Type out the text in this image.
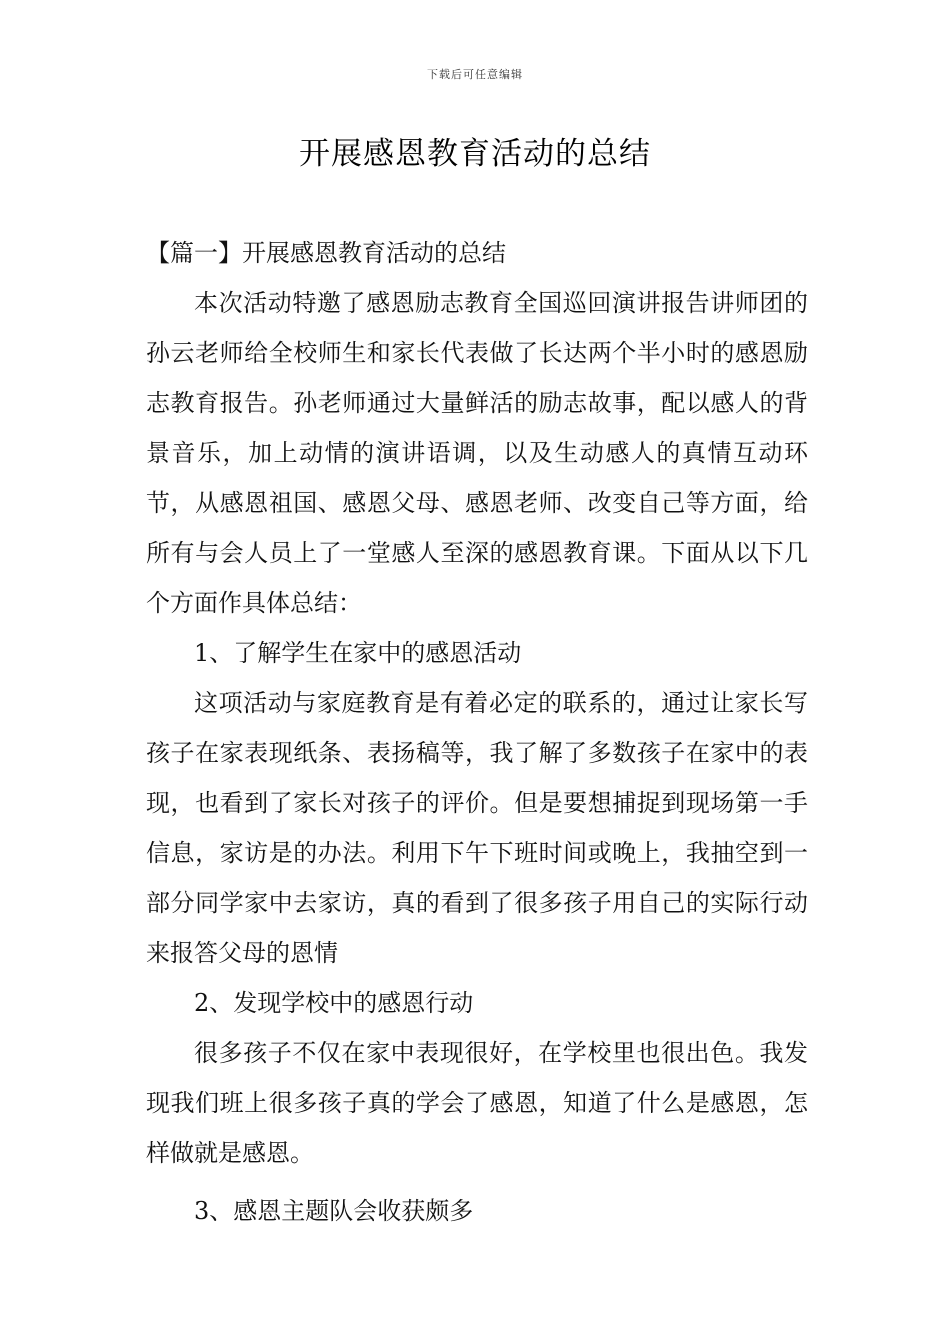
下载后可任意编辑
开展感恩教育活动的总结

【篇一】开展感恩教育活动的总结

本次活动特邀了感恩励志教育全国巡回演讲报告讲师团的孙云老师给全校师生和家长代表做了长达两个半小时的感恩励志教育报告。孙老师通过大量鲜活的励志故事，配以感人的背景音乐，加上动情的演讲语调，以及生动感人的真情互动环节，从感恩祖国、感恩父母、感恩老师、改变自己等方面，给所有与会人员上了一堂感人至深的感恩教育课。下面从以下几个方面作具体总结：

1、了解学生在家中的感恩活动

这项活动与家庭教育是有着必定的联系的，通过让家长写孩子在家表现纸条、表扬稿等，我了解了多数孩子在家中的表现，也看到了家长对孩子的评价。但是要想捕捉到现场第一手信息，家访是的办法。利用下午下班时间或晚上，我抽空到一部分同学家中去家访，真的看到了很多孩子用自己的实际行动来报答父母的恩情

2、发现学校中的感恩行动

很多孩子不仅在家中表现很好，在学校里也很出色。我发现我们班上很多孩子真的学会了感恩，知道了什么是感恩，怎样做就是感恩。

3、感恩主题队会收获颇多
